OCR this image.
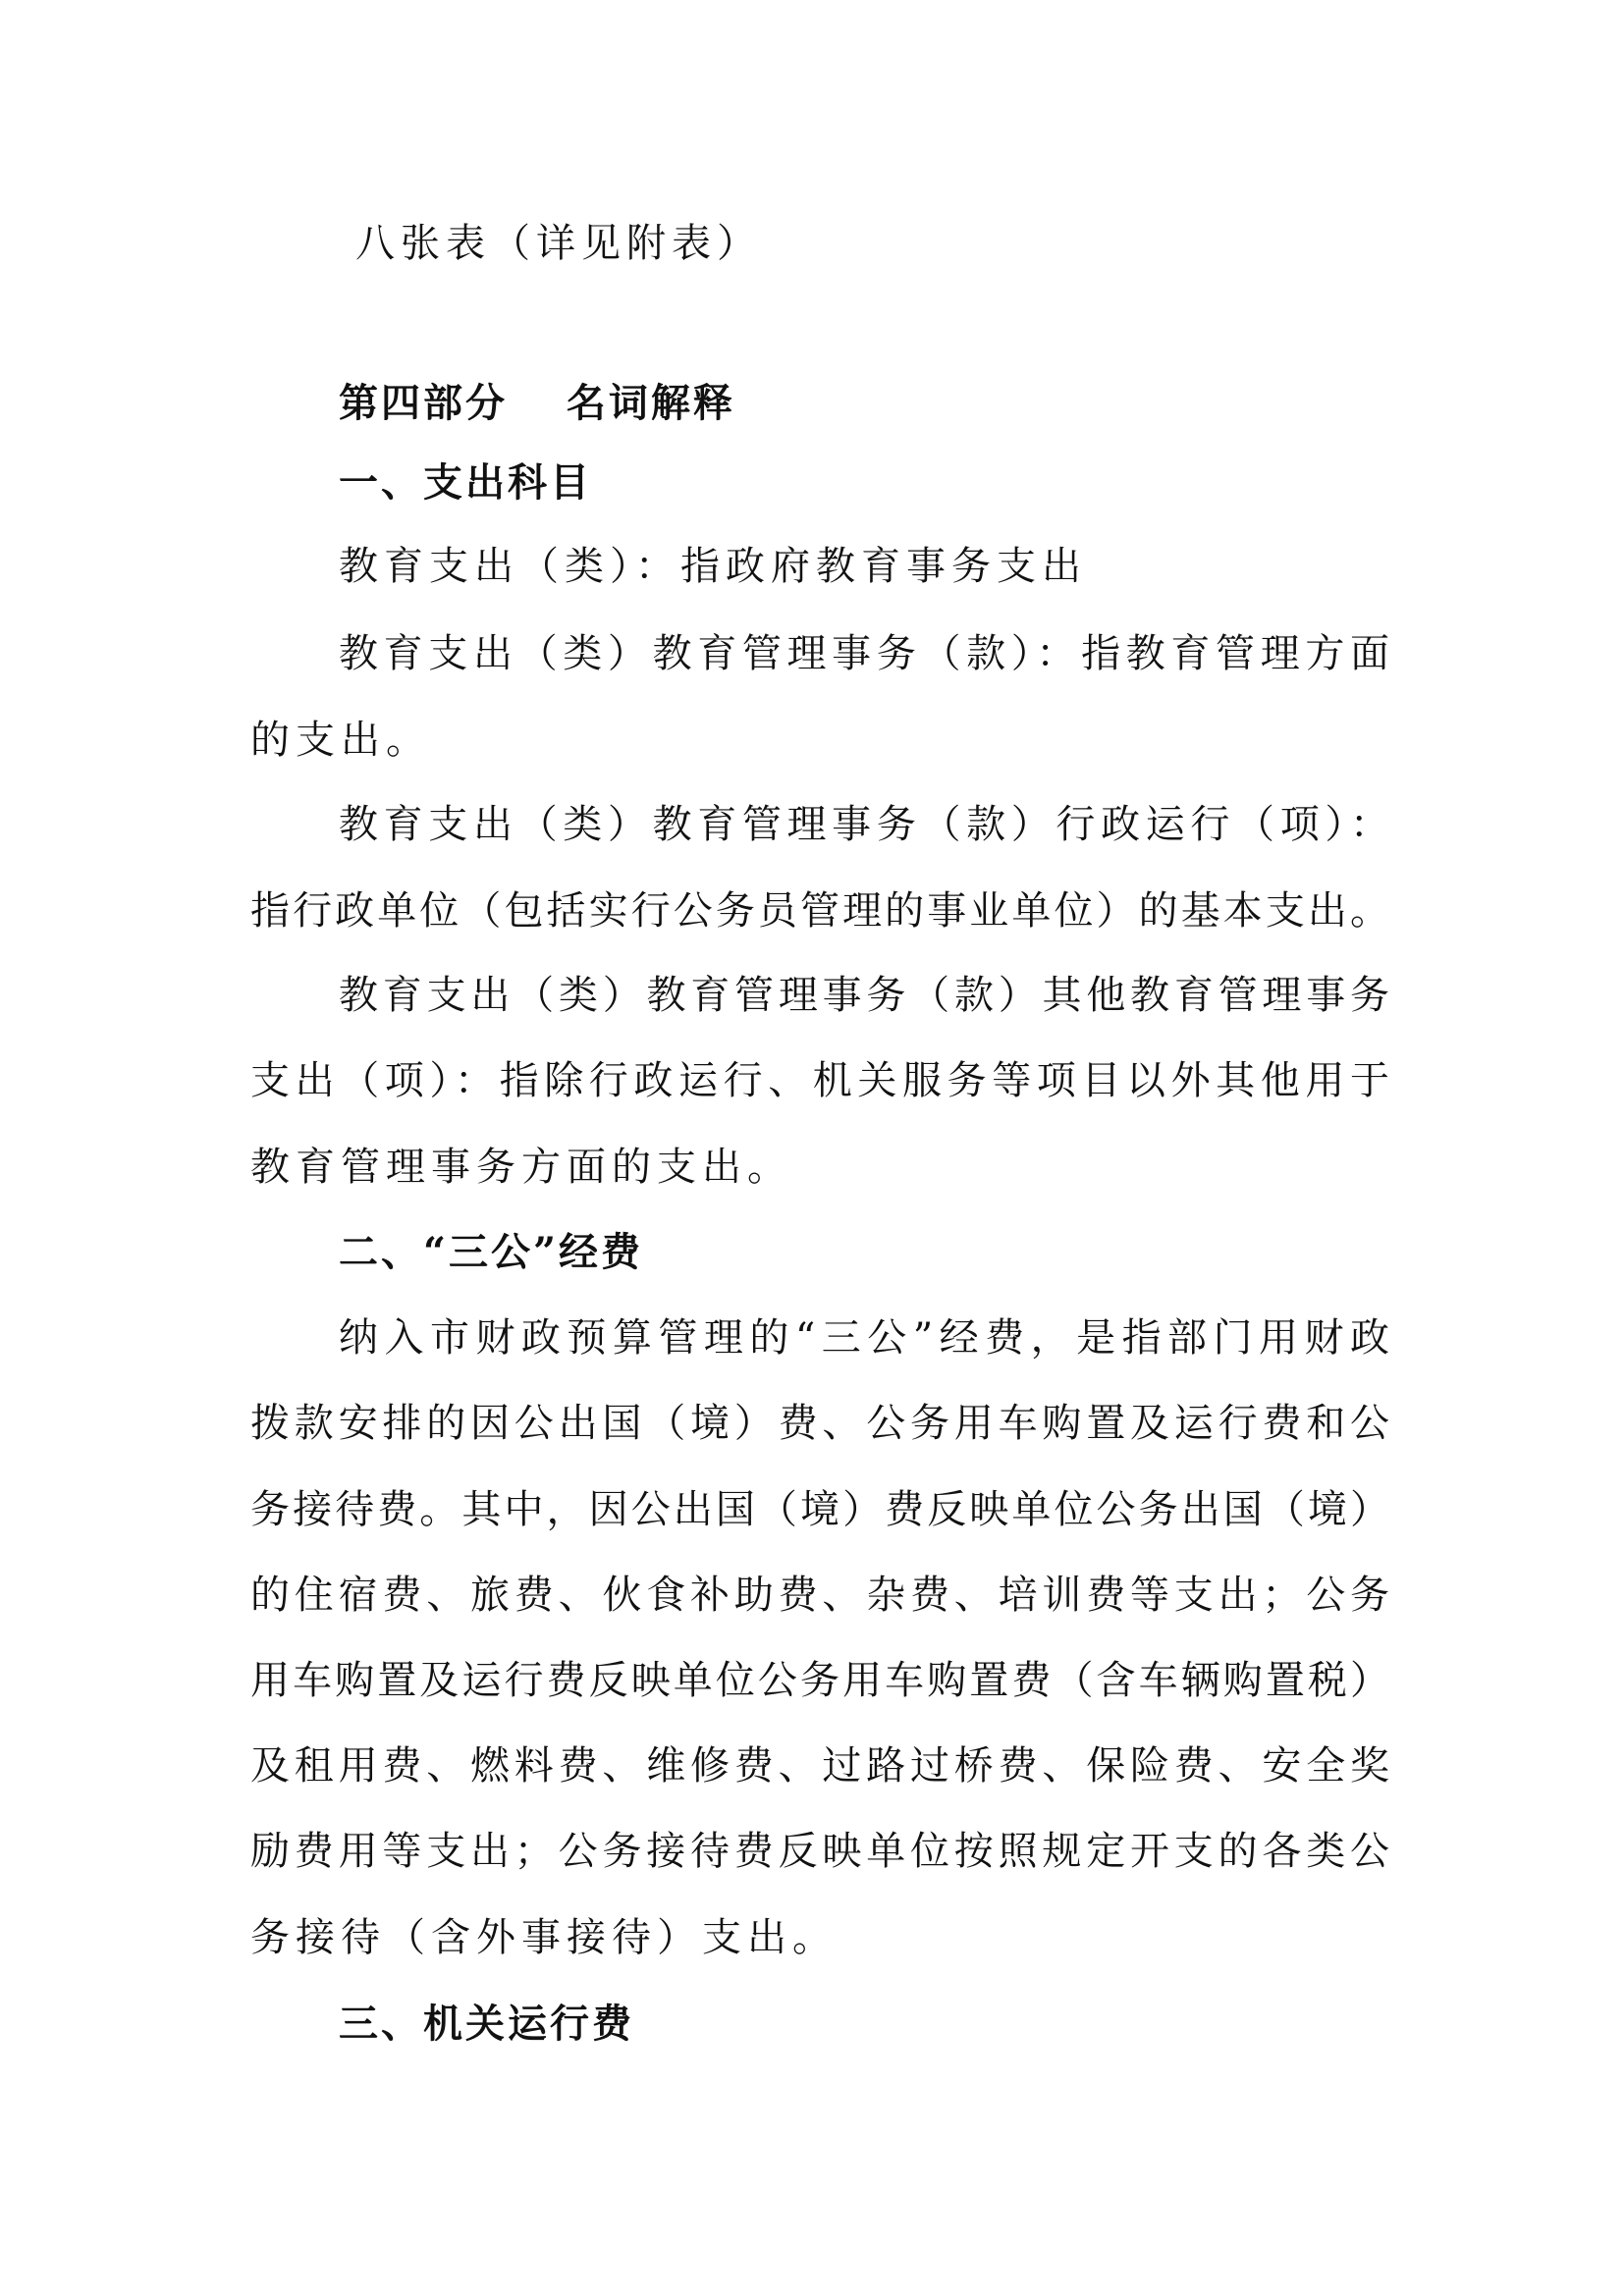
八张表（详见附表）
第四部分　 名词解释
一、支出科目
教育支出（类）：指政府教育事务支出
教育支出（类）教育管理事务（款）：指教育管理方面
的支出。
教育支出（类）教育管理事务（款）行政运行（项）：
指行政单位（包括实行公务员管理的事业单位）的基本支出。
教育支出（类）教育管理事务（款）其他教育管理事务
支出（项）：指除行政运行、机关服务等项目以外其他用于
教育管理事务方面的支出。
二、“三公”经费
纳入市财政预算管理的“三公”经费，是指部门用财政
拨款安排的因公出国（境）费、公务用车购置及运行费和公
务接待费。其中，因公出国（境）费反映单位公务出国（境）
的住宿费、旅费、伙食补助费、杂费、培训费等支出；公务
用车购置及运行费反映单位公务用车购置费（含车辆购置税）
及租用费、燃料费、维修费、过路过桥费、保险费、安全奖
励费用等支出；公务接待费反映单位按照规定开支的各类公
务接待（含外事接待）支出。
三、机关运行费
